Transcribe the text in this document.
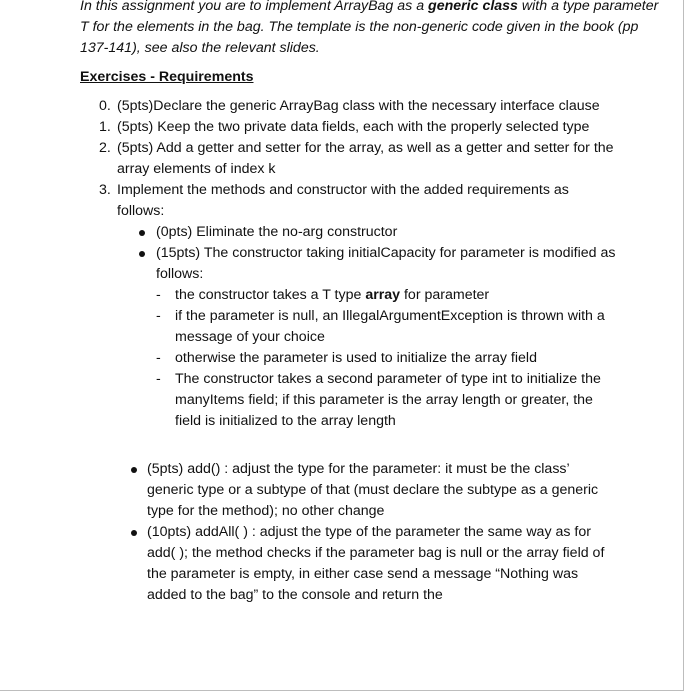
In this assignment you are to implement ArrayBag as a generic class with a type parameter T for the elements in the bag. The template is the non-generic code given in the book (pp 137-141), see also the relevant slides.
Exercises - Requirements
0. (5pts)Declare the generic ArrayBag class with the necessary interface clause
1. (5pts) Keep the two private data fields, each with the properly selected type
2. (5pts) Add a getter and setter for the array, as well as a getter and setter for the array elements of index k
3. Implement the methods and constructor with the added requirements as follows:
(0pts) Eliminate the no-arg constructor
(15pts) The constructor taking initialCapacity for parameter is modified as follows:
- the constructor takes a T type array for parameter
- if the parameter is null, an IllegalArgumentException is thrown with a message of your choice
- otherwise the parameter is used to initialize the array field
- The constructor takes a second parameter of type int to initialize the manyItems field; if this parameter is the array length or greater, the field is initialized to the array length
(5pts) add() : adjust the type for the parameter: it must be the class’ generic type or a subtype of that (must declare the subtype as a generic type for the method); no other change
(10pts) addAll( ) : adjust the type of the parameter the same way as for add( ); the method checks if the parameter bag is null or the array field of the parameter is empty, in either case send a message “Nothing was added to the bag” to the console and return the
